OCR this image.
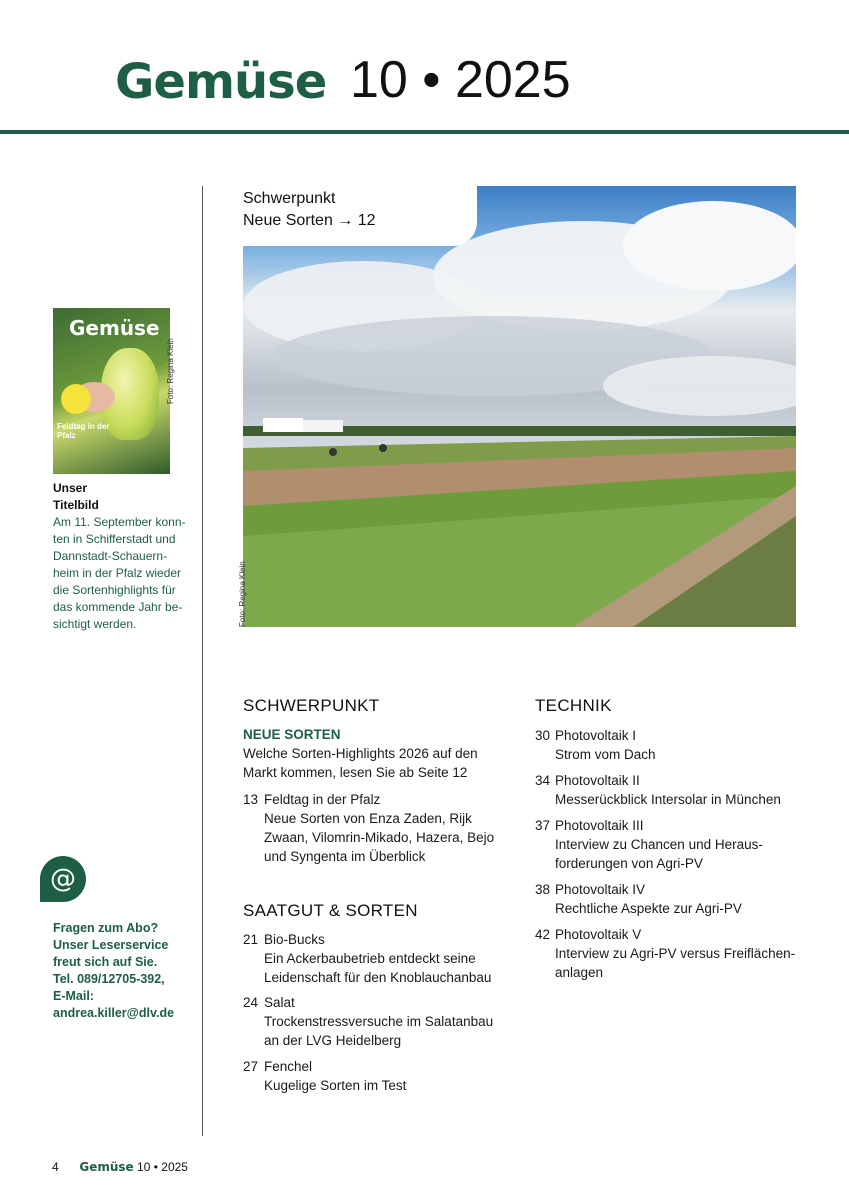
Gemüse 10 • 2025
Gemüse
Feldtag in der Pfalz
Foto: Regina Klein
Unser
Titelbild
Am 11. September konn-
ten in Schifferstadt und
Dannstadt-Schauern-
heim in der Pfalz wieder
die Sortenhighlights für
das kommende Jahr be-
sichtigt werden.	Foto: Regina Klein
Schwerpunkt
Neue Sorten → 12
SCHWERPUNKT
NEUE SORTEN
Welche Sorten-Highlights 2026 auf den
Markt kommen, lesen Sie ab Seite 12
13 Feldtag in der Pfalz
Neue Sorten von Enza Zaden, Rijk
Zwaan, Vilomrin-Mikado, Hazera, Bejo
und Syngenta im Überblick
SAATGUT & SORTEN
21 Bio-Bucks
Ein Ackerbaubetrieb entdeckt seine
Leidenschaft für den Knoblauchanbau
24 Salat
Trockenstressversuche im Salatanbau
an der LVG Heidelberg
27 Fenchel
Kugelige Sorten im Test
TECHNIK
30 Photovoltaik I
Strom vom Dach
34 Photovoltaik II
Messerückblick Intersolar in München
37 Photovoltaik III
Interview zu Chancen und Heraus-
forderungen von Agri-PV
38 Photovoltaik IV
Rechtliche Aspekte zur Agri-PV
42 Photovoltaik V
Interview zu Agri-PV versus Freiflächen-
anlagen
@
Fragen zum Abo?
Unser Leserservice
freut sich auf Sie.
Tel. 089/12705-392,
E-Mail:
andrea.killer@dlv.de
4 Gemüse 10 • 2025
